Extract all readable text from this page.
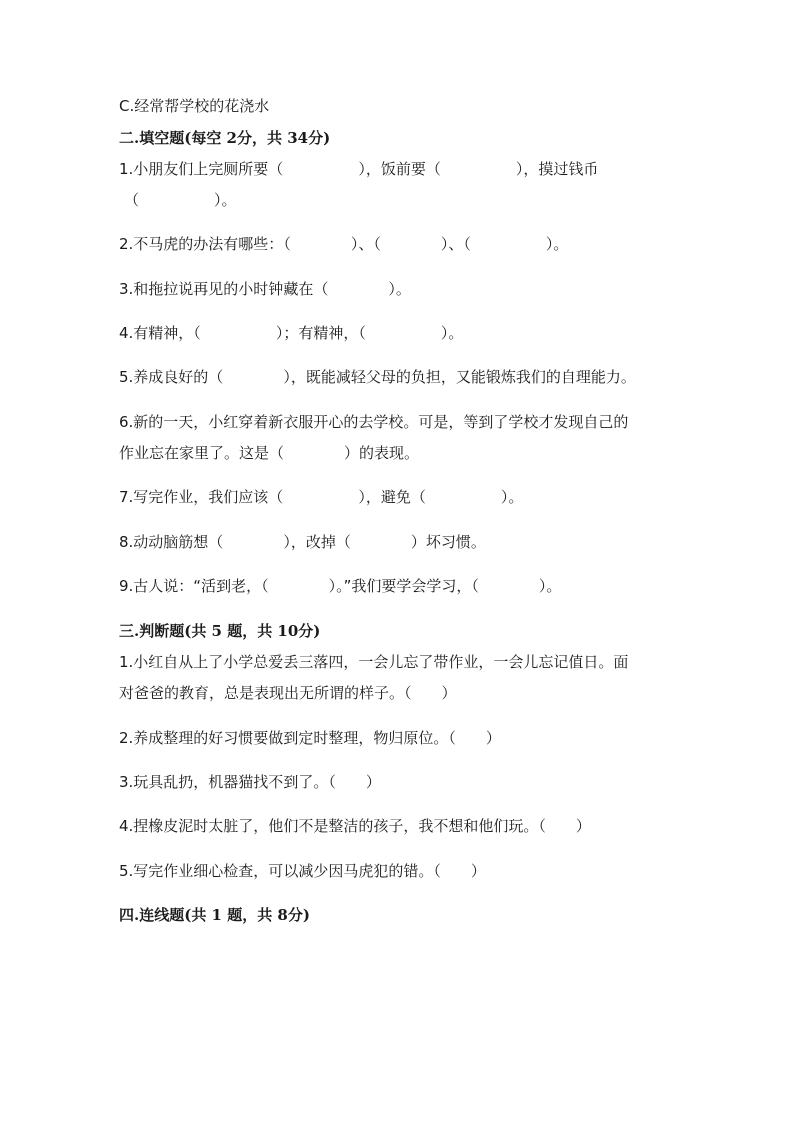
C.经常帮学校的花浇水
二.填空题(每空 2分，共 34分)
1.小朋友们上完厕所要（　　　　　），饭前要（　　　　　），摸过钱币
（　　　　　）。
2.不马虎的办法有哪些：（　　　　）、（　　　　）、（　　　　　）。
3.和拖拉说再见的小时钟藏在（　　　　）。
4.有精神，（　　　　　）；有精神，（　　　　　）。
5.养成良好的（　　　　），既能减轻父母的负担，又能锻炼我们的自理能力。
6.新的一天，小红穿着新衣服开心的去学校。可是，等到了学校才发现自己的
作业忘在家里了。这是（　　　　）的表现。
7.写完作业，我们应该（　　　　　），避免（　　　　　）。
8.动动脑筋想（　　　　），改掉（　　　　）坏习惯。
9.古人说：“活到老，（　　　　）。”我们要学会学习，（　　　　）。
三.判断题(共 5 题，共 10分)
1.小红自从上了小学总爱丢三落四，一会儿忘了带作业，一会儿忘记值日。面
对爸爸的教育，总是表现出无所谓的样子。（　　）
2.养成整理的好习惯要做到定时整理，物归原位。（　　）
3.玩具乱扔，机器猫找不到了。（　　）
4.捏橡皮泥时太脏了，他们不是整洁的孩子，我不想和他们玩。（　　）
5.写完作业细心检查，可以减少因马虎犯的错。（　　）
四.连线题(共 1 题，共 8分)
